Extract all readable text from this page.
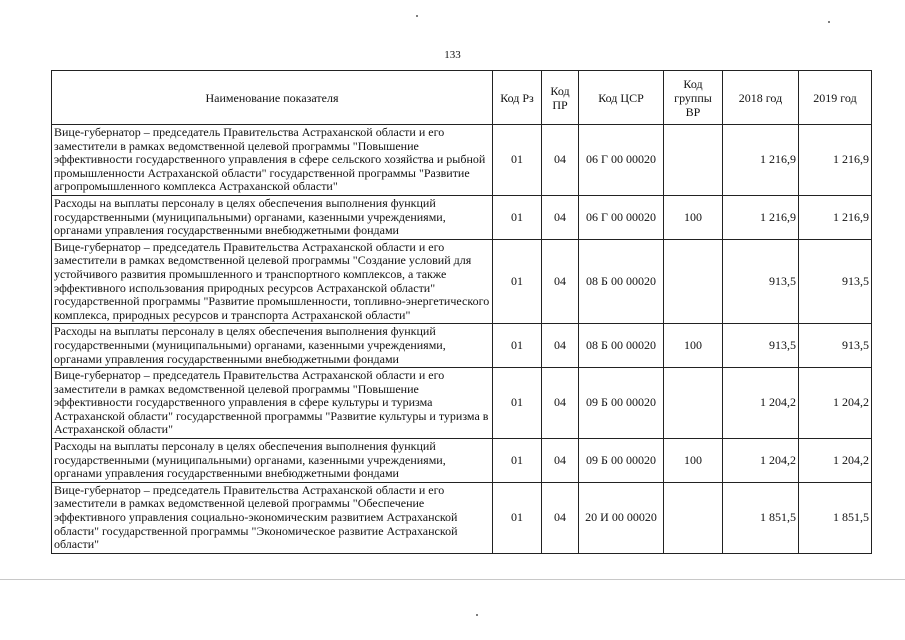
133
Наименование показателя	Код Рз	Код ПР	Код ЦСР	Код группы ВР	2018 год	2019 год
Вице-губернатор – председатель Правительства Астраханской области и его заместители в рамках ведомственной целевой программы "Повышение эффективности государственного управления в сфере сельского хозяйства и рыбной промышленности Астраханской области" государственной программы "Развитие агропромышленного комплекса Астраханской области"	01	04	06 Г 00 00020		1 216,9	1 216,9
Расходы на выплаты персоналу в целях обеспечения выполнения функций государственными (муниципальными) органами, казенными учреждениями, органами управления государственными внебюджетными фондами	01	04	06 Г 00 00020	100	1 216,9	1 216,9
Вице-губернатор – председатель Правительства Астраханской области и его заместители в рамках ведомственной целевой программы "Создание условий для устойчивого развития промышленного и транспортного комплексов, а также эффективного использования природных ресурсов Астраханской области" государственной программы "Развитие промышленности, топливно-энергетического комплекса, природных ресурсов и транспорта Астраханской области"	01	04	08 Б 00 00020		913,5	913,5
Расходы на выплаты персоналу в целях обеспечения выполнения функций государственными (муниципальными) органами, казенными учреждениями, органами управления государственными внебюджетными фондами	01	04	08 Б 00 00020	100	913,5	913,5
Вице-губернатор – председатель Правительства Астраханской области и его заместители в рамках ведомственной целевой программы "Повышение эффективности государственного управления в сфере культуры и туризма Астраханской области" государственной программы "Развитие культуры и туризма в Астраханской области"	01	04	09 Б 00 00020		1 204,2	1 204,2
Расходы на выплаты персоналу в целях обеспечения выполнения функций государственными (муниципальными) органами, казенными учреждениями, органами управления государственными внебюджетными фондами	01	04	09 Б 00 00020	100	1 204,2	1 204,2
Вице-губернатор – председатель Правительства Астраханской области и его заместители в рамках ведомственной целевой программы "Обеспечение эффективного управления социально-экономическим развитием Астраханской области" государственной программы "Экономическое развитие Астраханской области"	01	04	20 И 00 00020		1 851,5	1 851,5
